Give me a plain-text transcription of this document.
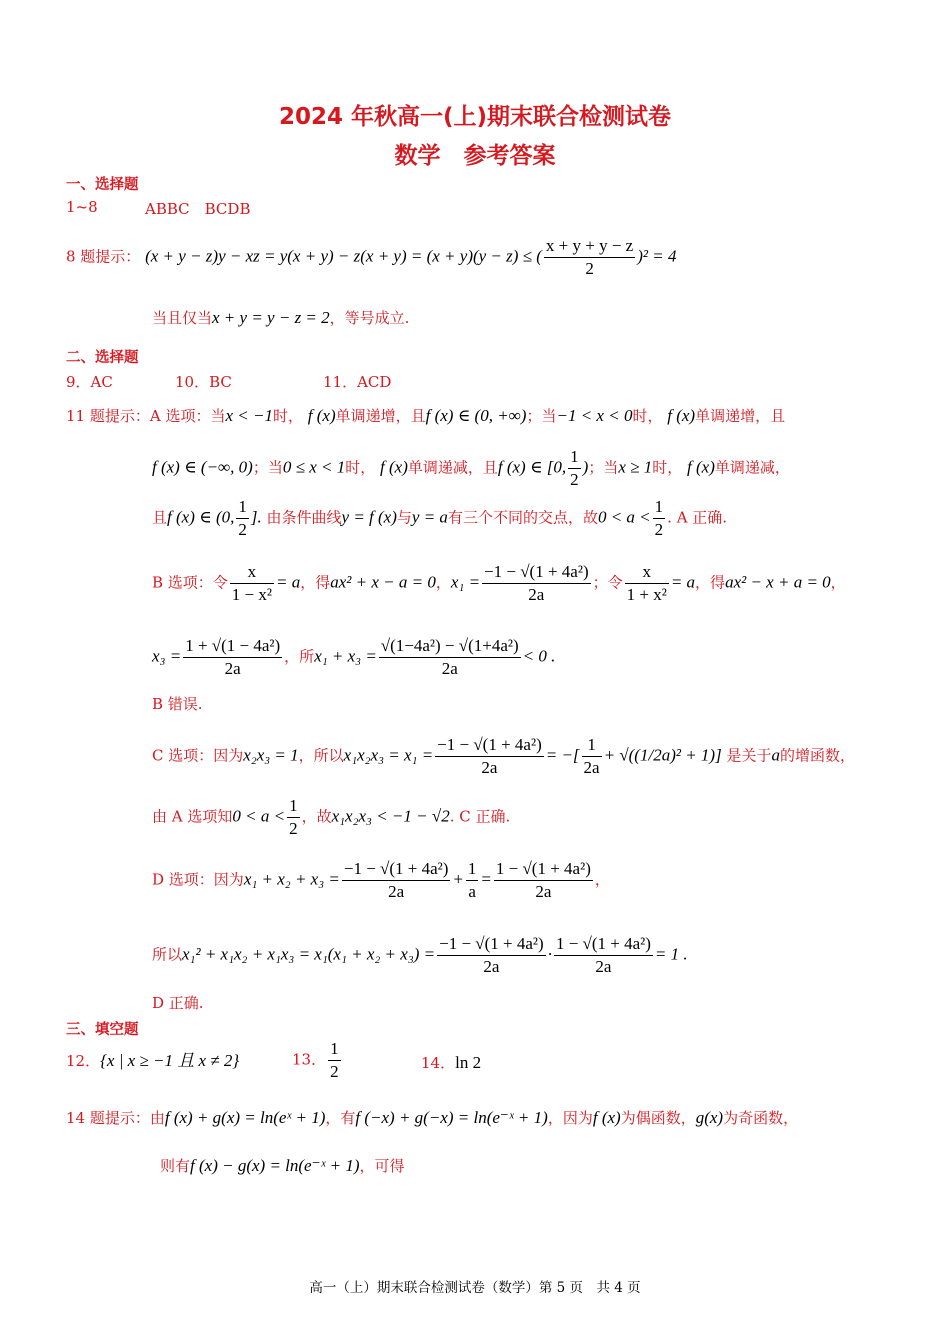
2024 年秋高一(上)期末联合检测试卷
数学　参考答案
一、选择题
1~8	ABBC　BCDB
8 题提示： (x + y − z)y − xz = y(x + y) − z(x + y) = (x + y)(y − z) ≤ ( $\frac{x + y + y - z}{2} )^2 = 4$
当且仅当x + y = y − z = 2，等号成立.
二、选择题
9．AC	10．BC	11．ACD
11 题提示：A 选项：当x < −1时， f (x)单调递增，且f (x) ∈ (0, +∞)；当−1 < x < 0时， f (x)单调递增，且
f (x) ∈ (−∞, 0)；当0 ≤ x < 1时， f (x)单调递减，且f (x) ∈ [0, $\frac{1}{2}$ )；当x ≥ 1时， f (x)单调递减，
且f (x) ∈ (0, $\frac{1}{2}$ ]. 由条件曲线y = f (x)与y = a有三个不同的交点，故$0 < a < \frac{1}{2}$ . A 正确.
B 选项：令 $\frac{x}{\text{1 − x²}} = a$，得ax² + x − a = 0，$x_1 = \frac{\text{−1 − √(1 + 4a²)}}{2a}$ ；令 $\frac{x}{\text{1 + x²}} = a$，得ax² − x + a = 0，
$x_3 = \frac{\text{1 + √(1 − 4a²)}}{2a}$ ，所$x_1 + x_3 = \frac{\text{√(1−4a²) − √(1+4a²)}}{2a} < 0$ .
B 错误.
C 选项：因为x₂x₃ = 1，所以$x_1x_2x_3 = x_1 = \frac{\text{−1 − √(1 + 4a²)}}{2a}$ = −[ $\frac{1}{2a} + √((1/2a)^2 + 1)$] 是关于a的增函数，
由 A 选项知$0 < a < \frac{1}{2}$ ，故x₁x₂x₃ < −1 − √2. C 正确.
D 选项：因为$x_1 + x_2 + x_3 = \frac{\text{−1 − √(1 + 4a²)}}{2a} + \frac{1}{a} = \frac{\text{1 − √(1 + 4a²)}}{2a}$ ，
所以$x_1^2 + x_1x_2 + x_1x_3 = x_1(x_1 + x_2 + x_3) = \frac{\text{−1 − √(1 + 4a²)}}{2a} \cdot \frac{\text{1 − √(1 + 4a²)}}{2a} = 1$ .
D 正确.
三、填空题
12．{x | x ≥ −1 且 x ≠ 2}	13． $\frac{1}{2}$	14．ln 2
14 题提示：由f (x) + g(x) = ln(eˣ + 1)，有f (−x) + g(−x) = ln(e⁻ˣ + 1)，因为f (x)为偶函数，g(x)为奇函数，
则有f (x) − g(x) = ln(e⁻ˣ + 1)，可得
高一（上）期末联合检测试卷（数学）第 5 页　共 4 页
